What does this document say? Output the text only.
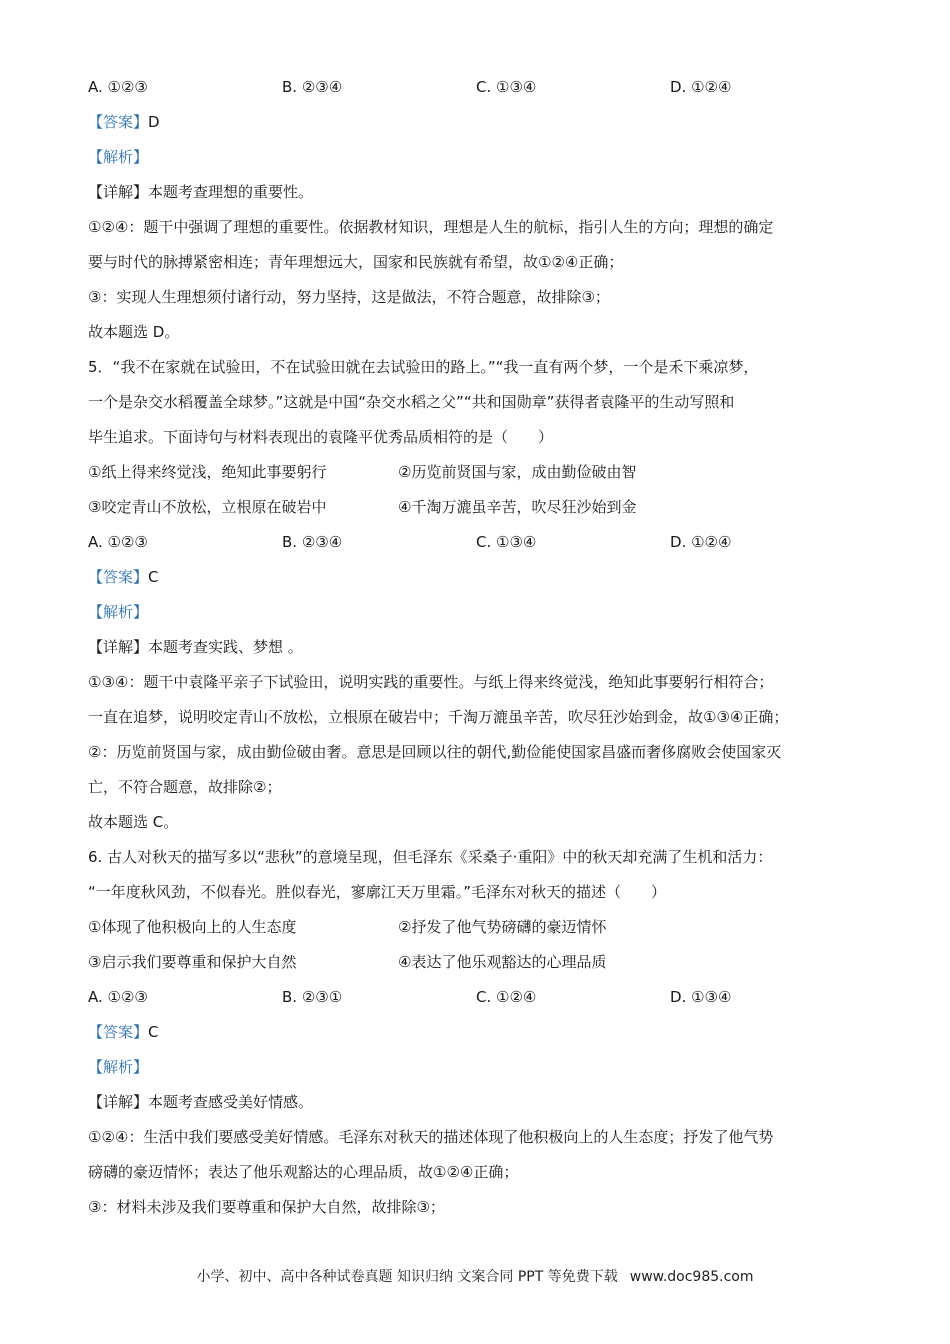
A. ①②③	B. ②③④	C. ①③④	D. ①②④
【答案】D
【解析】
【详解】本题考查理想的重要性。
①②④：题干中强调了理想的重要性。依据教材知识，理想是人生的航标，指引人生的方向；理想的确定
要与时代的脉搏紧密相连；青年理想远大，国家和民族就有希望，故①②④正确；
③：实现人生理想须付诸行动，努力坚持，这是做法，不符合题意，故排除③；
故本题选 D。
5．“我不在家就在试验田，不在试验田就在去试验田的路上。”“我一直有两个梦，一个是禾下乘凉梦，
一个是杂交水稻覆盖全球梦。”这就是中国“杂交水稻之父”“共和国勋章”获得者袁隆平的生动写照和
毕生追求。下面诗句与材料表现出的袁隆平优秀品质相符的是（　　）
①纸上得来终觉浅，绝知此事要躬行	②历览前贤国与家，成由勤俭破由智
③咬定青山不放松，立根原在破岩中	④千淘万漉虽辛苦，吹尽狂沙始到金
A. ①②③	B. ②③④	C. ①③④	D. ①②④
【答案】C
【解析】
【详解】本题考查实践、梦想 。
①③④：题干中袁隆平亲子下试验田，说明实践的重要性。与纸上得来终觉浅，绝知此事要躬行相符合；
一直在追梦，说明咬定青山不放松，立根原在破岩中；千淘万漉虽辛苦，吹尽狂沙始到金，故①③④正确；
②：历览前贤国与家，成由勤俭破由奢。意思是回顾以往的朝代,勤俭能使国家昌盛而奢侈腐败会使国家灭
亡，不符合题意，故排除②；
故本题选 C。
6. 古人对秋天的描写多以“悲秋”的意境呈现，但毛泽东《采桑子·重阳》中的秋天却充满了生机和活力：
“一年度秋风劲，不似春光。胜似春光，寥廓江天万里霜。”毛泽东对秋天的描述（　　）
①体现了他积极向上的人生态度	②抒发了他气势磅礴的豪迈情怀
③启示我们要尊重和保护大自然	④表达了他乐观豁达的心理品质
A. ①②③	B. ②③①	C. ①②④	D. ①③④
【答案】C
【解析】
【详解】本题考查感受美好情感。
①②④：生活中我们要感受美好情感。毛泽东对秋天的描述体现了他积极向上的人生态度；抒发了他气势
磅礴的豪迈情怀；表达了他乐观豁达的心理品质，故①②④正确；
③：材料未涉及我们要尊重和保护大自然，故排除③；
小学、初中、高中各种试卷真题 知识归纳 文案合同 PPT 等免费下载 www.doc985.com
